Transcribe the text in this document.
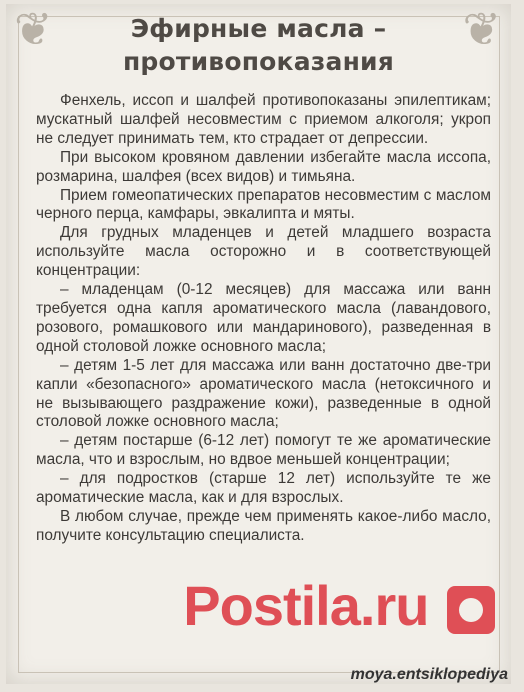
❦	❦
Эфирные масла –
противопоказания

Фенхель, иссоп и шалфей противопоказаны эпилептикам; мускатный шалфей несовместим с приемом алкоголя; укроп не следует принимать тем, кто страдает от депрессии.

При высоком кровяном давлении избегайте масла иссопа, розмарина, шалфея (всех видов) и тимьяна.

Прием гомеопатических препаратов несовместим с маслом черного перца, камфары, эвкалипта и мяты.

Для грудных младенцев и детей младшего возраста используйте масла осторожно и в соответствующей концентрации:

– младенцам (0-12 месяцев) для массажа или ванн требуется одна капля ароматического масла (лавандового, розового, ромашкового или мандаринового), разведенная в одной столовой ложке основного масла;

– детям 1-5 лет для массажа или ванн достаточно две-три капли «безопасного» ароматического масла (нетоксичного и не вызывающего раздражение кожи), разведенные в одной столовой ложке основного масла;

– детям постарше (6-12 лет) помогут те же ароматические масла, что и взрослым, но вдвое меньшей концентрации;

– для подростков (старше 12 лет) используйте те же ароматические масла, как и для взрослых.

В любом случае, прежде чем применять какое-либо масло, получите консультацию специалиста.

Postila.ru
moya.entsiklopediya
